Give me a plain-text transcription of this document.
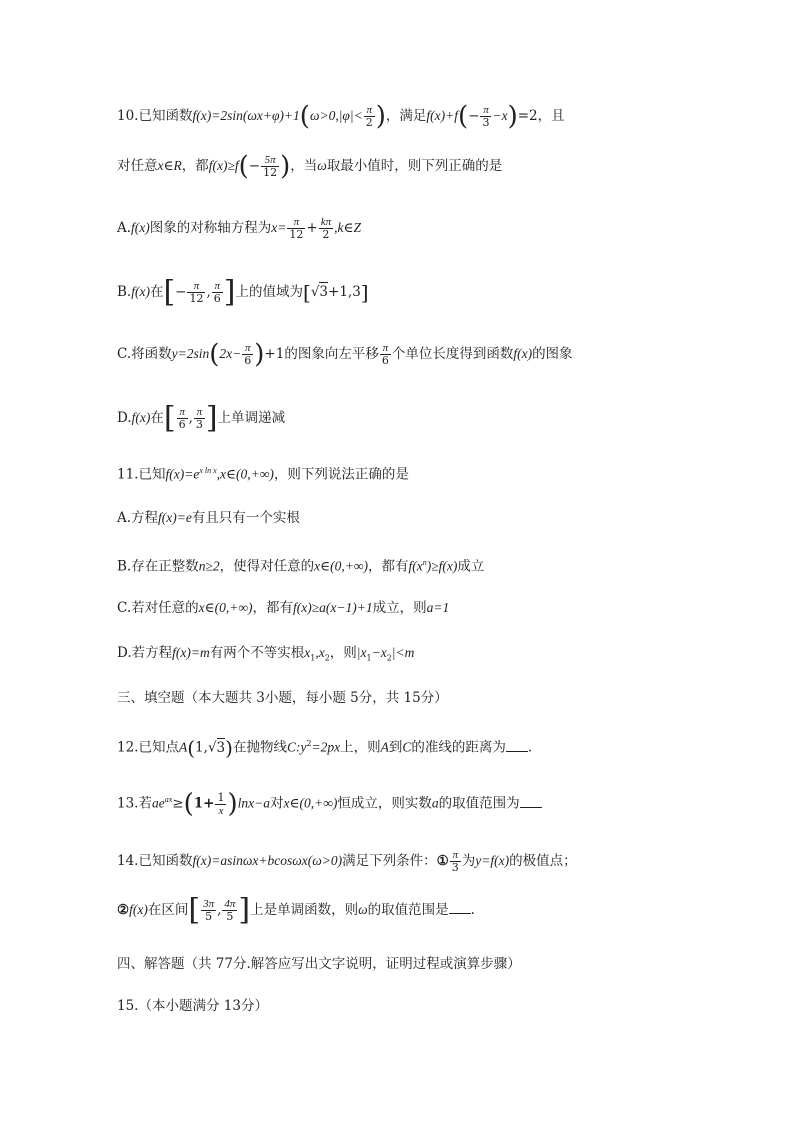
10.已知函数$f(x)=2\sin(\omega x+\varphi)+1(\omega>0,|\varphi|< \frac{\pi}{2}$ )，满足$f(x)+f(- \frac{\pi}{3} -x)=2$，且
对任意x∈R，都$f(x)\ge f(- \frac{5\pi}{12}$ )，当ω取最小值时，则下列正确的是
A.f(x)图象的对称轴方程为$x= \frac{\pi}{12} + \frac{k\pi}{2}$ ,k∈Z
B.f(x)在[− $\frac{\pi}{12}$ , $\frac{\pi}{6}$ ]上的值域为[√3+1,3]
C.将函数$y=2\sin(2x- \frac{\pi}{6} )+1$的图象向左平移 $\frac{\pi}{6}$ 个单位长度得到函数f(x)的图象
D.f(x)在[ $\frac{\pi}{6}$ , $\frac{\pi}{3}$ ]上单调递减
11.已知$f(x)=e^{x ln x},x\in(0,+\infty)$，则下列说法正确的是
A.方程f(x)=e有且只有一个实根
B.存在正整数n≥2，使得对任意的x∈(0,+∞)，都有$f(x^n)\ge f(x)$成立
C.若对任意的x∈(0,+∞)，都有f(x)≥a(x−1)+1成立，则a=1
D.若方程f(x)=m有两个不等实根$x_1,x_2$，则$|x_1-x_2|<m$
三、填空题（本大题共 3小题，每小题 5分，共 15分）
12.已知点A(1,√3)在抛物线$C:y^2=2px$上，则A到C的准线的距离为 .
13.若$ae^{ax}\ge(1+ \frac{1}{x} )\ln x-a$对x∈(0,+∞)恒成立，则实数a的取值范围为
14.已知函数f(x)=asinωx+bcosωx(ω>0)满足下列条件：① $\frac{\pi}{3}$ 为y=f(x)的极值点；
②f(x)在区间[ $\frac{3\pi}{5}$ , $\frac{4\pi}{5}$ ]上是单调函数，则ω的取值范围是 .
四、解答题（共 77分.解答应写出文字说明，证明过程或演算步骤）
15.（本小题满分 13分）
